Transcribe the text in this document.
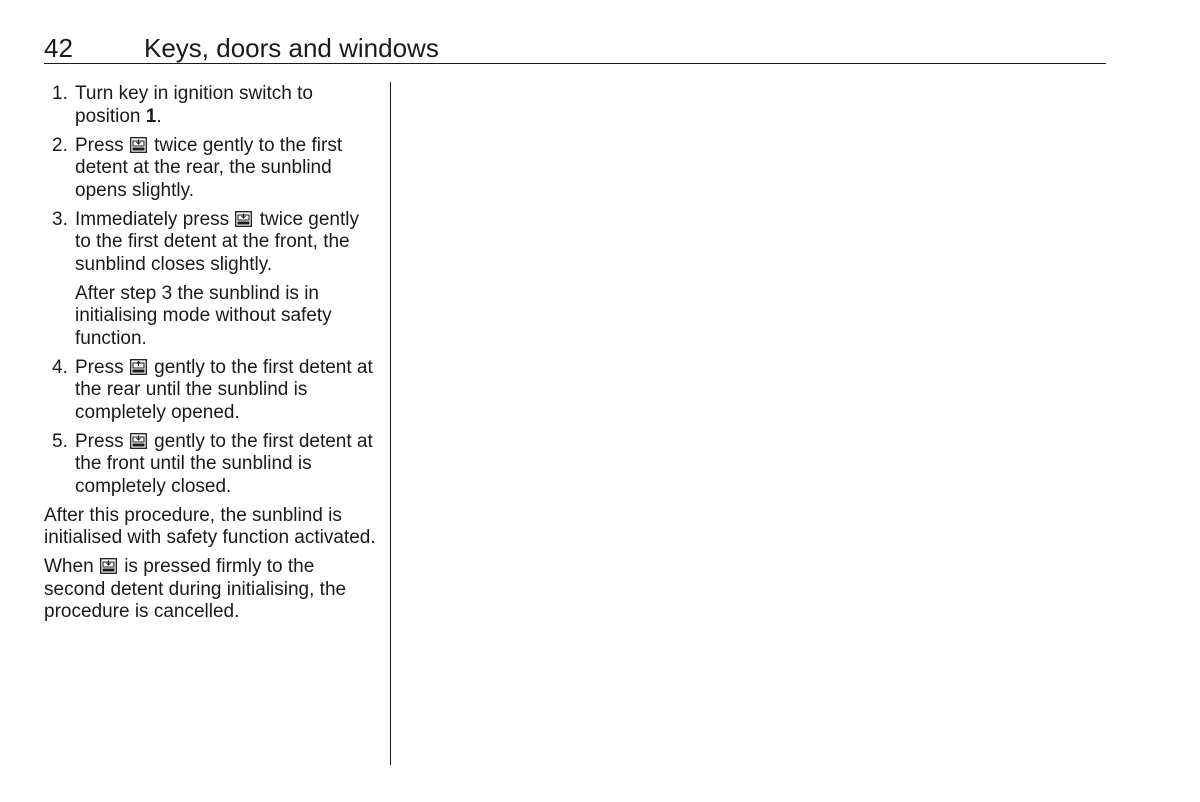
42	Keys, doors and windows
1. Turn key in ignition switch to position 1.
2. Press twice gently to the first detent at the rear, the sunblind opens slightly.
3. Immediately press twice gently to the first detent at the front, the sunblind closes slightly.
After step 3 the sunblind is in initialising mode without safety function.
4. Press gently to the first detent at the rear until the sunblind is completely opened.
5. Press gently to the first detent at the front until the sunblind is completely closed.
After this procedure, the sunblind is initialised with safety function activated.
When is pressed firmly to the second detent during initialising, the procedure is cancelled.
